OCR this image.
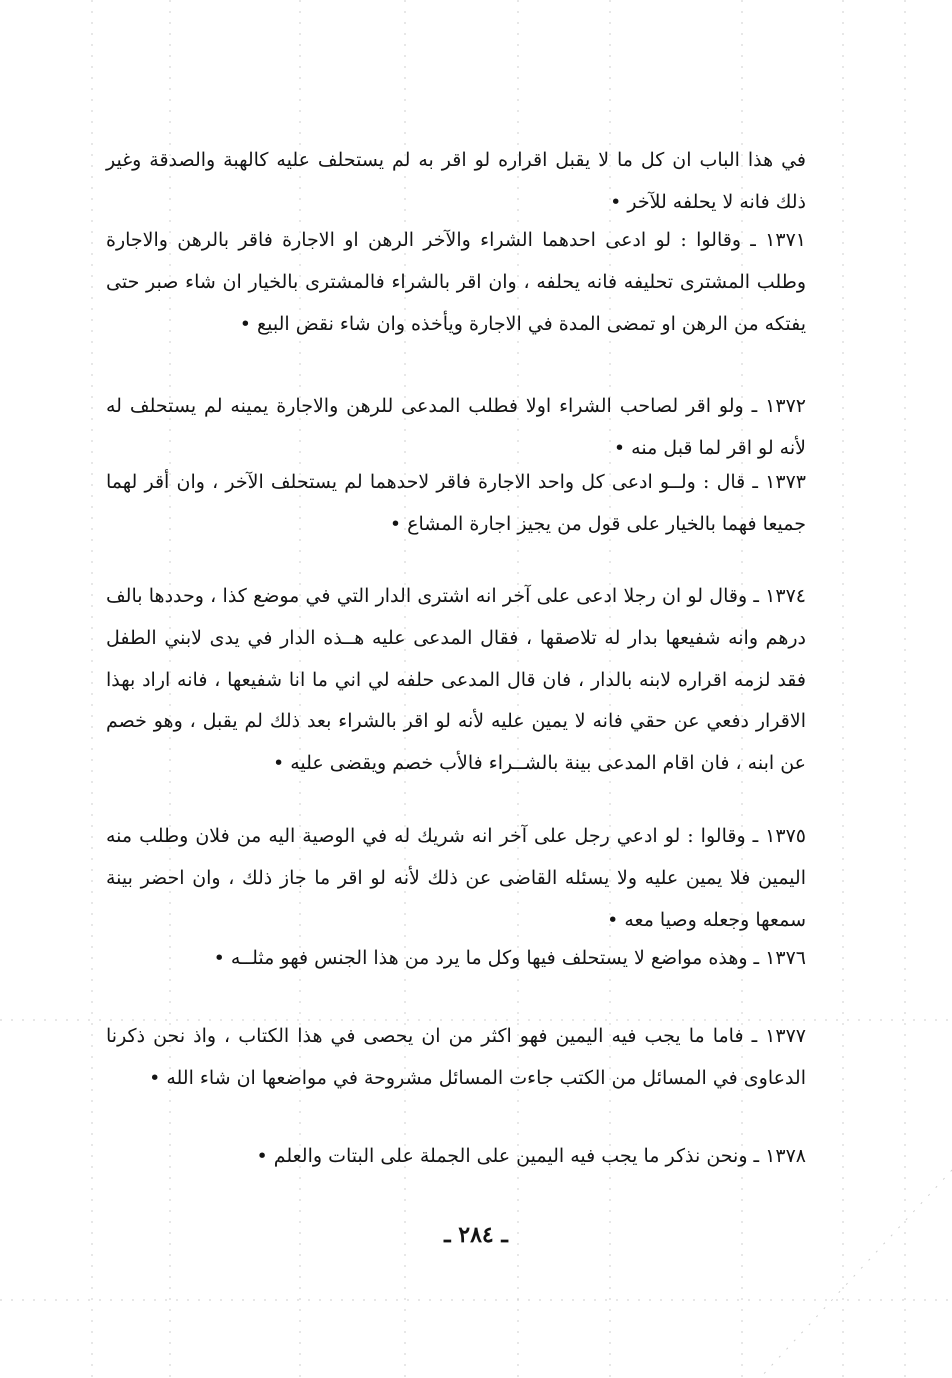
في هذا الباب ان كل ما لا يقبل اقراره لو اقر به لم يستحلف عليه كالهبة والصدقة وغير ذلك فانه لا يحلفه للآخر •
١٣٧١ ـ وقالوا : لو ادعى احدهما الشراء والآخر الرهن او الاجارة فاقر بالرهن والاجارة وطلب المشترى تحليفه فانه يحلفه ، وان اقر بالشراء فالمشترى بالخيار ان شاء صبر حتى يفتكه من الرهن او تمضى المدة في الاجارة ويأخذه وان شاء نقض البيع •
١٣٧٢ ـ ولو اقر لصاحب الشراء اولا فطلب المدعى للرهن والاجارة يمينه لم يستحلف له لأنه لو اقر لما قبل منه •
١٣٧٣ ـ قال : ولــو ادعى كل واحد الاجارة فاقر لاحدهما لم يستحلف الآخر ، وان أقر لهما جميعا فهما بالخيار على قول من يجيز اجارة المشاع •
١٣٧٤ ـ وقال لو ان رجلا ادعى على آخر انه اشترى الدار التي في موضع كذا ، وحددها بالف درهم وانه شفيعها بدار له تلاصقها ، فقال المدعى عليه هــذه الدار في يدى لابني الطفل فقد لزمه اقراره لابنه بالدار ، فان قال المدعى حلفه لي اني ما انا شفيعها ، فانه اراد بهذا الاقرار دفعي عن حقي فانه لا يمين عليه لأنه لو اقر بالشراء بعد ذلك لم يقبل ، وهو خصم عن ابنه ، فان اقام المدعى بينة بالشــراء فالأب خصم ويقضى عليه •
١٣٧٥ ـ وقالوا : لو ادعي رجل على آخر انه شريك له في الوصية اليه من فلان وطلب منه اليمين فلا يمين عليه ولا يسئله القاضى عن ذلك لأنه لو اقر ما جاز ذلك ، وان احضر بينة سمعها وجعله وصيا معه •
١٣٧٦ ـ وهذه مواضع لا يستحلف فيها وكل ما يرد من هذا الجنس فهو مثلــه •
١٣٧٧ ـ فاما ما يجب فيه اليمين فهو اكثر من ان يحصى في هذا الكتاب ، واذ نحن ذكرنا الدعاوى في المسائل من الكتب جاءت المسائل مشروحة في مواضعها ان شاء الله •
١٣٧٨ ـ ونحن نذكر ما يجب فيه اليمين على الجملة على البتات والعلم •
ـ ٢٨٤ ـ
